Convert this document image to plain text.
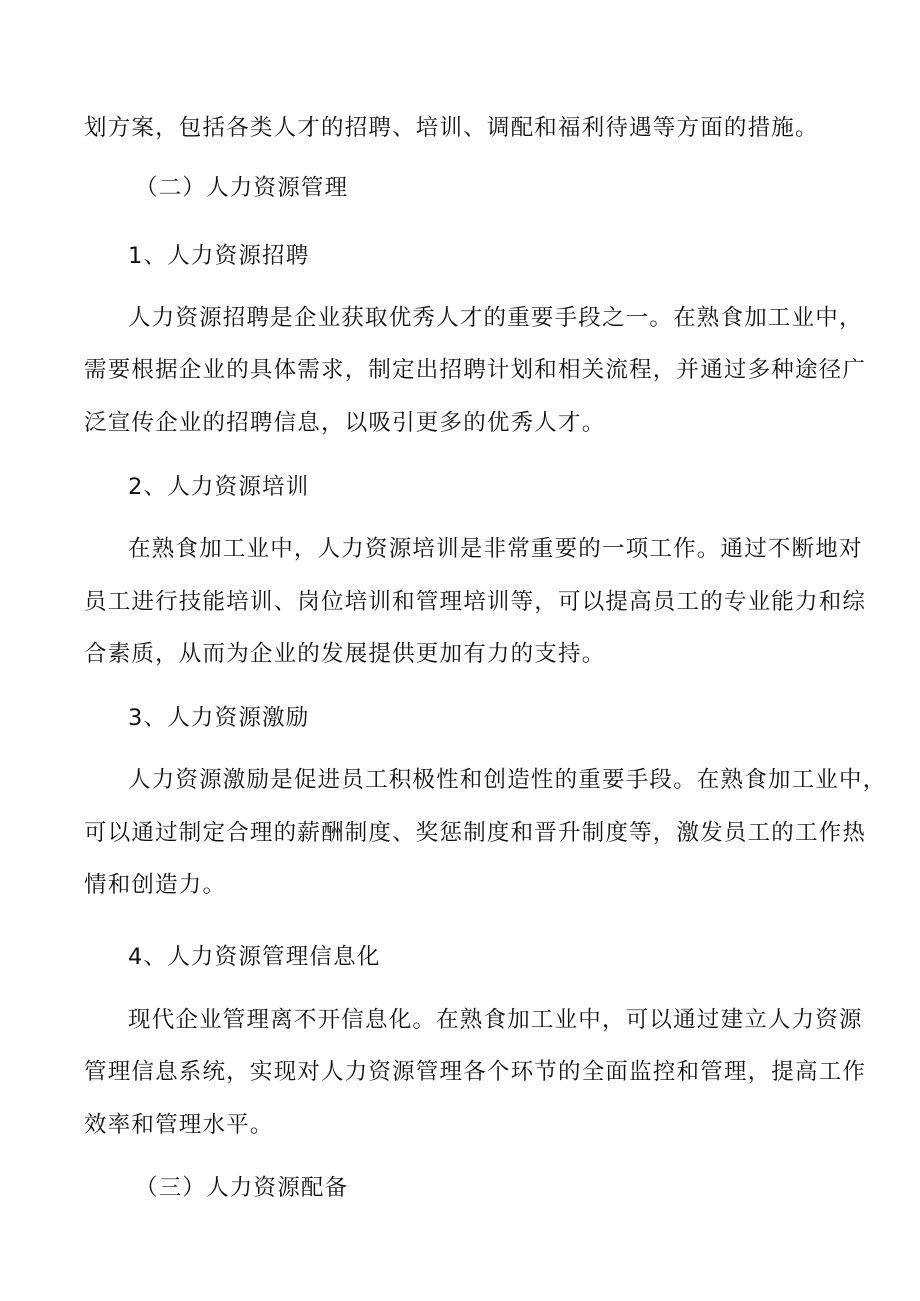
划方案，包括各类人才的招聘、培训、调配和福利待遇等方面的措施。
（二）人力资源管理
1、人力资源招聘
人力资源招聘是企业获取优秀人才的重要手段之一。在熟食加工业中，
需要根据企业的具体需求，制定出招聘计划和相关流程，并通过多种途径广
泛宣传企业的招聘信息，以吸引更多的优秀人才。
2、人力资源培训
在熟食加工业中，人力资源培训是非常重要的一项工作。通过不断地对
员工进行技能培训、岗位培训和管理培训等，可以提高员工的专业能力和综
合素质，从而为企业的发展提供更加有力的支持。
3、人力资源激励
人力资源激励是促进员工积极性和创造性的重要手段。在熟食加工业中，
可以通过制定合理的薪酬制度、奖惩制度和晋升制度等，激发员工的工作热
情和创造力。
4、人力资源管理信息化
现代企业管理离不开信息化。在熟食加工业中，可以通过建立人力资源
管理信息系统，实现对人力资源管理各个环节的全面监控和管理，提高工作
效率和管理水平。
（三）人力资源配备
